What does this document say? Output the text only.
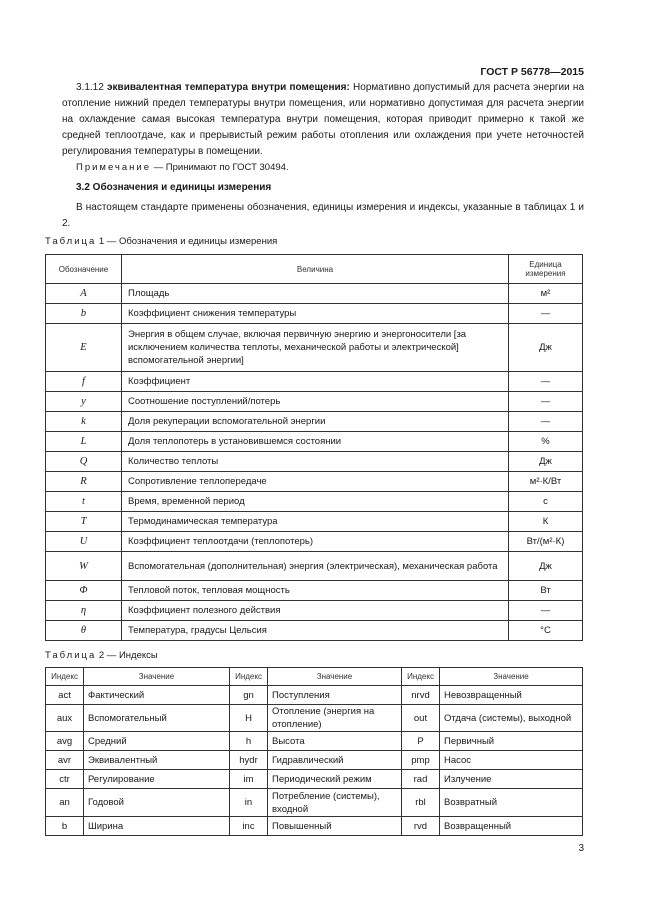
ГОСТ Р 56778—2015
3.1.12 эквивалентная температура внутри помещения: Нормативно допустимый для расчета энергии на отопление нижний предел температуры внутри помещения, или нормативно допустимая для расчета энергии на охлаждение самая высокая температура внутри помещения, которая приводит примерно к такой же средней теплоотдаче, как и прерывистый режим работы отопления или охлаждения при учете неточностей регулирования температуры в помещении.
Примечание — Принимают по ГОСТ 30494.
3.2 Обозначения и единицы измерения
В настоящем стандарте применены обозначения, единицы измерения и индексы, указанные в таблицах 1 и 2.
Таблица 1 — Обозначения и единицы измерения
Обозначение	Величина	Единица измерения
A	Площадь	м²
b	Коэффициент снижения температуры	—
E	Энергия в общем случае, включая первичную энергию и энергоносители [за исключением количества теплоты, механической работы и электрической] вспомогательной энергии]	Дж
f	Коэффициент	—
y	Соотношение поступлений/потерь	—
k	Доля рекуперации вспомогательной энергии	—
L	Доля теплопотерь в установившемся состоянии	%
Q	Количество теплоты	Дж
R	Сопротивление теплопередаче	м²·К/Вт
t	Время, временной период	с
T	Термодинамическая температура	К
U	Коэффициент теплоотдачи (теплопотерь)	Вт/(м²·К)
W	Вспомогательная (дополнительная) энергия (электрическая), механическая работа	Дж
Φ	Тепловой поток, тепловая мощность	Вт
η	Коэффициент полезного действия	—
θ	Температура, градусы Цельсия	°С
Таблица 2 — Индексы
Индекс	Значение	Индекс	Значение	Индекс	Значение
act	Фактический	gn	Поступления	nrvd	Невозвращенный
aux	Вспомогательный	H	Отопление (энергия на отопление)	out	Отдача (системы), выходной
avg	Средний	h	Высота	P	Первичный
avr	Эквивалентный	hydr	Гидравлический	pmp	Насос
ctr	Регулирование	im	Периодический режим	rad	Излучение
an	Годовой	in	Потребление (системы), входной	rbl	Возвратный
b	Ширина	inc	Повышенный	rvd	Возвращенный
3
